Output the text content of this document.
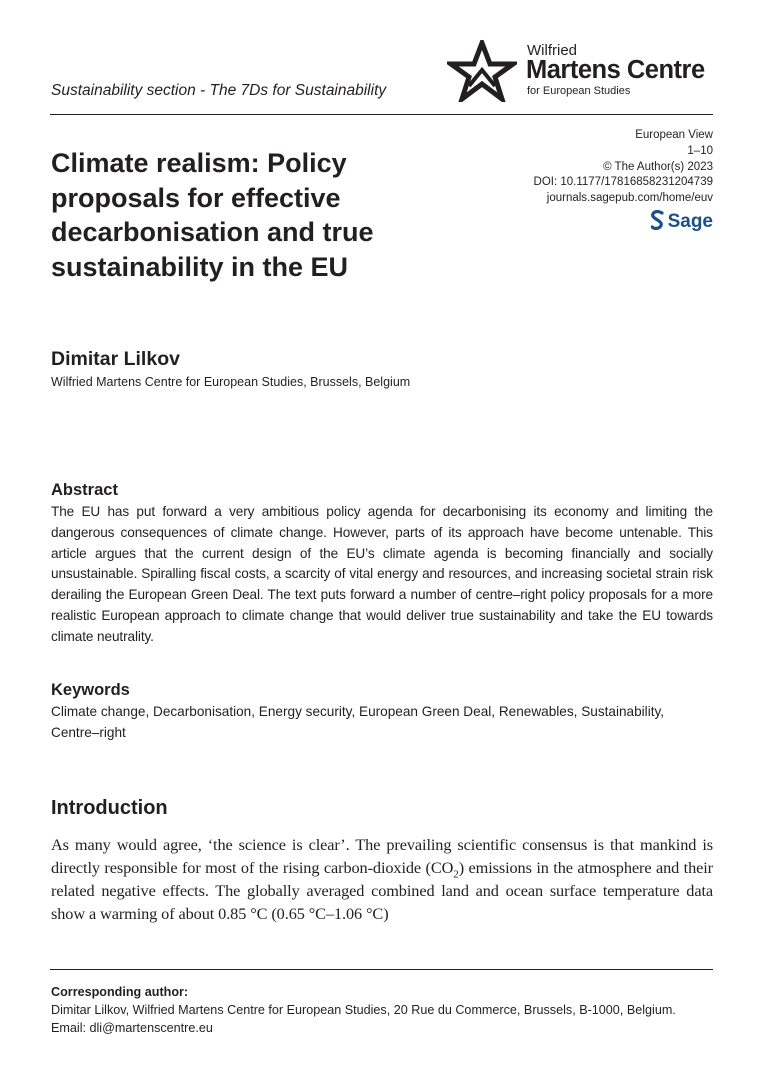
Sustainability section - The 7Ds for Sustainability
Wilfried
Martens Centre
for European Studies
European View
1–10
© The Author(s) 2023
DOI: 10.1177/17816858231204739
journals.sagepub.com/home/euv
Sage
Climate realism: Policy proposals for effective decarbonisation and true sustainability in the EU
Dimitar Lilkov
Wilfried Martens Centre for European Studies, Brussels, Belgium
Abstract

The EU has put forward a very ambitious policy agenda for decarbonising its economy and limiting the dangerous consequences of climate change. However, parts of its approach have become untenable. This article argues that the current design of the EU’s climate agenda is becoming financially and socially unsustainable. Spiralling fiscal costs, a scarcity of vital energy and resources, and increasing societal strain risk derailing the European Green Deal. The text puts forward a number of centre–right policy proposals for a more realistic European approach to climate change that would deliver true sustainability and take the EU towards climate neutrality.

Keywords

Climate change, Decarbonisation, Energy security, European Green Deal, Renewables, Sustainability, Centre–right

Introduction

As many would agree, ‘the science is clear’. The prevailing scientific consensus is that mankind is directly responsible for most of the rising carbon-dioxide $(CO_2)$ emissions in the atmosphere and their related negative effects. The globally averaged combined land and ocean surface temperature data show a warming of about 0.85 °C (0.65 °C–1.06 °C)

Corresponding author:
Dimitar Lilkov, Wilfried Martens Centre for European Studies, 20 Rue du Commerce, Brussels, B-1000, Belgium.
Email: dli@martenscentre.eu
